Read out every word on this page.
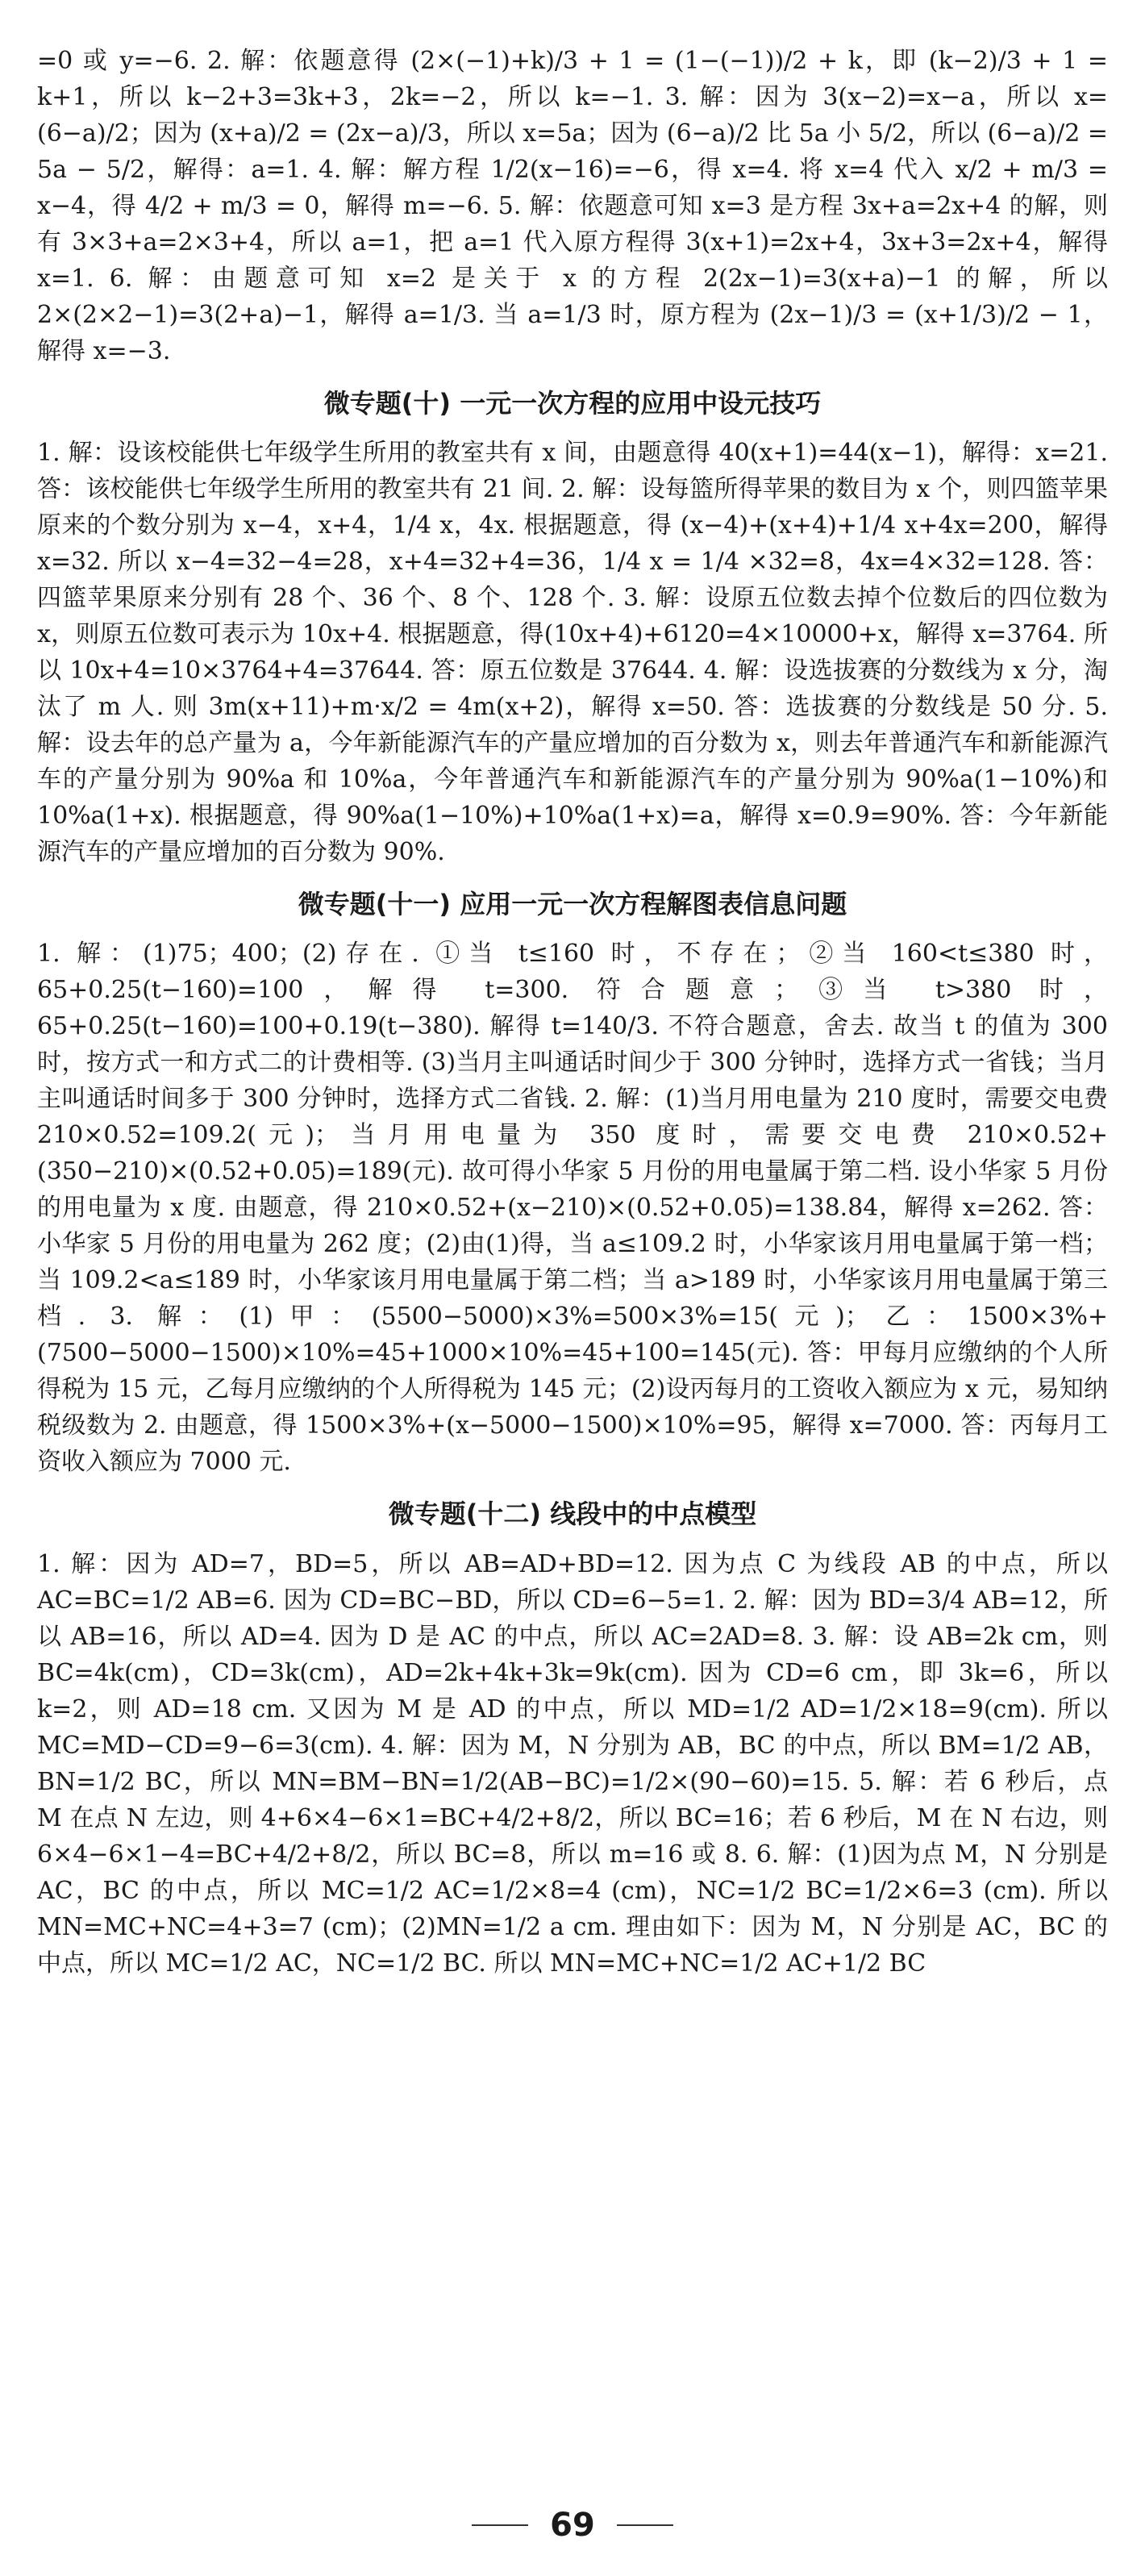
=0 或 y=−6. 2. 解：依题意得 (2×(−1)+k)/3 + 1 = (1−(−1))/2 + k，即 (k−2)/3 + 1 = k+1，所以 k−2+3=3k+3，2k=−2，所以 k=−1. 3. 解：因为 3(x−2)=x−a，所以 x=(6−a)/2；因为 (x+a)/2 = (2x−a)/3，所以 x=5a；因为 (6−a)/2 比 5a 小 5/2，所以 (6−a)/2 = 5a − 5/2，解得：a=1. 4. 解：解方程 1/2(x−16)=−6，得 x=4. 将 x=4 代入 x/2 + m/3 = x−4，得 4/2 + m/3 = 0，解得 m=−6. 5. 解：依题意可知 x=3 是方程 3x+a=2x+4 的解，则有 3×3+a=2×3+4，所以 a=1，把 a=1 代入原方程得 3(x+1)=2x+4，3x+3=2x+4，解得 x=1. 6. 解：由题意可知 x=2 是关于 x 的方程 2(2x−1)=3(x+a)−1 的解，所以 2×(2×2−1)=3(2+a)−1，解得 a=1/3. 当 a=1/3 时，原方程为 (2x−1)/3 = (x+1/3)/2 − 1，解得 x=−3.

微专题(十) 一元一次方程的应用中设元技巧

1. 解：设该校能供七年级学生所用的教室共有 x 间，由题意得 40(x+1)=44(x−1)，解得：x=21. 答：该校能供七年级学生所用的教室共有 21 间. 2. 解：设每篮所得苹果的数目为 x 个，则四篮苹果原来的个数分别为 x−4，x+4，1/4 x，4x. 根据题意，得 (x−4)+(x+4)+1/4 x+4x=200，解得 x=32. 所以 x−4=32−4=28，x+4=32+4=36，1/4 x = 1/4 ×32=8，4x=4×32=128. 答：四篮苹果原来分别有 28 个、36 个、8 个、128 个. 3. 解：设原五位数去掉个位数后的四位数为 x，则原五位数可表示为 10x+4. 根据题意，得(10x+4)+6120=4×10000+x，解得 x=3764. 所以 10x+4=10×3764+4=37644. 答：原五位数是 37644. 4. 解：设选拔赛的分数线为 x 分，淘汰了 m 人. 则 3m(x+11)+m·x/2 = 4m(x+2)，解得 x=50. 答：选拔赛的分数线是 50 分. 5. 解：设去年的总产量为 a，今年新能源汽车的产量应增加的百分数为 x，则去年普通汽车和新能源汽车的产量分别为 90%a 和 10%a，今年普通汽车和新能源汽车的产量分别为 90%a(1−10%)和 10%a(1+x). 根据题意，得 90%a(1−10%)+10%a(1+x)=a，解得 x=0.9=90%. 答：今年新能源汽车的产量应增加的百分数为 90%.

微专题(十一) 应用一元一次方程解图表信息问题

1. 解：(1)75；400；(2)存在. ①当 t≤160 时，不存在；②当 160<t≤380 时，65+0.25(t−160)=100，解得 t=300. 符合题意；③当 t>380 时，65+0.25(t−160)=100+0.19(t−380). 解得 t=140/3. 不符合题意，舍去. 故当 t 的值为 300 时，按方式一和方式二的计费相等. (3)当月主叫通话时间少于 300 分钟时，选择方式一省钱；当月主叫通话时间多于 300 分钟时，选择方式二省钱. 2. 解：(1)当月用电量为 210 度时，需要交电费 210×0.52=109.2(元)；当月用电量为 350 度时，需要交电费 210×0.52+(350−210)×(0.52+0.05)=189(元). 故可得小华家 5 月份的用电量属于第二档. 设小华家 5 月份的用电量为 x 度. 由题意，得 210×0.52+(x−210)×(0.52+0.05)=138.84，解得 x=262. 答：小华家 5 月份的用电量为 262 度；(2)由(1)得，当 a≤109.2 时，小华家该月用电量属于第一档；当 109.2<a≤189 时，小华家该月用电量属于第二档；当 a>189 时，小华家该月用电量属于第三档. 3. 解：(1)甲：(5500−5000)×3%=500×3%=15(元)；乙：1500×3%+(7500−5000−1500)×10%=45+1000×10%=45+100=145(元). 答：甲每月应缴纳的个人所得税为 15 元，乙每月应缴纳的个人所得税为 145 元；(2)设丙每月的工资收入额应为 x 元，易知纳税级数为 2. 由题意，得 1500×3%+(x−5000−1500)×10%=95，解得 x=7000. 答：丙每月工资收入额应为 7000 元.

微专题(十二) 线段中的中点模型

1. 解：因为 AD=7，BD=5，所以 AB=AD+BD=12. 因为点 C 为线段 AB 的中点，所以 AC=BC=1/2 AB=6. 因为 CD=BC−BD，所以 CD=6−5=1. 2. 解：因为 BD=3/4 AB=12，所以 AB=16，所以 AD=4. 因为 D 是 AC 的中点，所以 AC=2AD=8. 3. 解：设 AB=2k cm，则 BC=4k(cm)，CD=3k(cm)，AD=2k+4k+3k=9k(cm). 因为 CD=6 cm，即 3k=6，所以 k=2，则 AD=18 cm. 又因为 M 是 AD 的中点，所以 MD=1/2 AD=1/2×18=9(cm). 所以 MC=MD−CD=9−6=3(cm). 4. 解：因为 M，N 分别为 AB，BC 的中点，所以 BM=1/2 AB，BN=1/2 BC，所以 MN=BM−BN=1/2(AB−BC)=1/2×(90−60)=15. 5. 解：若 6 秒后，点 M 在点 N 左边，则 4+6×4−6×1=BC+4/2+8/2，所以 BC=16；若 6 秒后，M 在 N 右边，则 6×4−6×1−4=BC+4/2+8/2，所以 BC=8，所以 m=16 或 8. 6. 解：(1)因为点 M，N 分别是 AC，BC 的中点，所以 MC=1/2 AC=1/2×8=4 (cm)，NC=1/2 BC=1/2×6=3 (cm). 所以 MN=MC+NC=4+3=7 (cm)；(2)MN=1/2 a cm. 理由如下：因为 M，N 分别是 AC，BC 的中点，所以 MC=1/2 AC，NC=1/2 BC. 所以 MN=MC+NC=1/2 AC+1/2 BC

69
